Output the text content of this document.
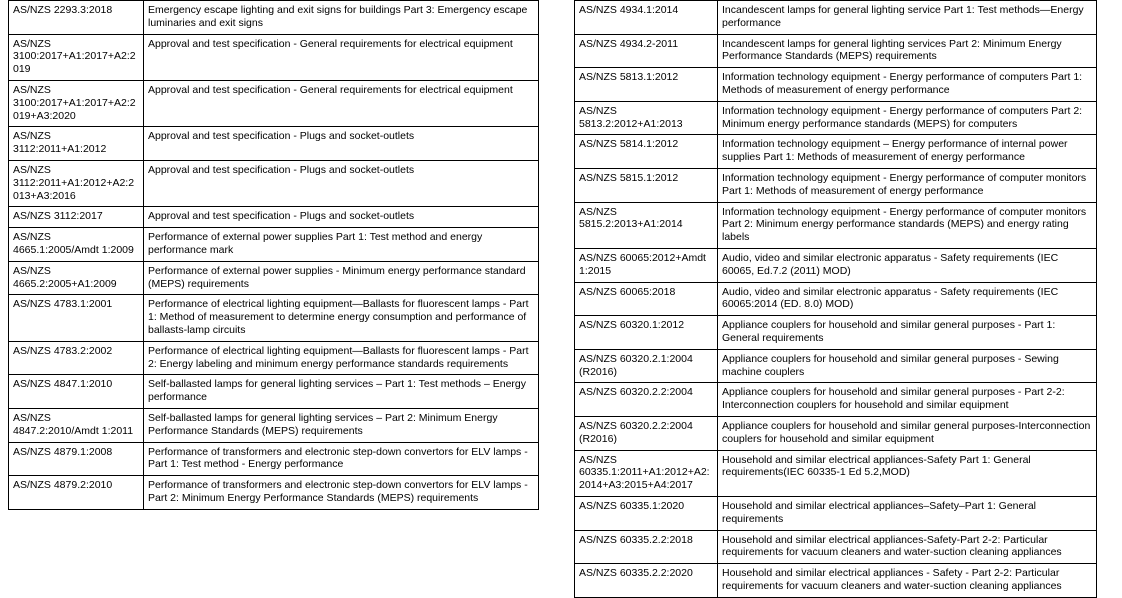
AS/NZS 2293.3:2018	Emergency escape lighting and exit signs for buildings Part 3: Emergency escape luminaries and exit signs
AS/NZS 3100:2017+A1:2017+A2:2019	Approval and test specification - General requirements for electrical equipment
AS/NZS 3100:2017+A1:2017+A2:2019+A3:2020	Approval and test specification - General requirements for electrical equipment
AS/NZS 3112:2011+A1:2012	Approval and test specification - Plugs and socket-outlets
AS/NZS 3112:2011+A1:2012+A2:2013+A3:2016	Approval and test specification - Plugs and socket-outlets
AS/NZS 3112:2017	Approval and test specification - Plugs and socket-outlets
AS/NZS 4665.1:2005/Amdt 1:2009	Performance of external power supplies Part 1: Test method and energy performance mark
AS/NZS 4665.2:2005+A1:2009	Performance of external power supplies - Minimum energy performance standard (MEPS) requirements
AS/NZS 4783.1:2001	Performance of electrical lighting equipment—Ballasts for fluorescent lamps - Part 1: Method of measurement to determine energy consumption and performance of ballasts-lamp circuits
AS/NZS 4783.2:2002	Performance of electrical lighting equipment—Ballasts for fluorescent lamps - Part 2: Energy labeling and minimum energy performance standards requirements
AS/NZS 4847.1:2010	Self-ballasted lamps for general lighting services – Part 1: Test methods – Energy performance
AS/NZS 4847.2:2010/Amdt 1:2011	Self-ballasted lamps for general lighting services – Part 2: Minimum Energy Performance Standards (MEPS) requirements
AS/NZS 4879.1:2008	Performance of transformers and electronic step-down convertors for ELV lamps - Part 1: Test method - Energy performance
AS/NZS 4879.2:2010	Performance of transformers and electronic step-down convertors for ELV lamps - Part 2: Minimum Energy Performance Standards (MEPS) requirements
AS/NZS 4934.1:2014	Incandescent lamps for general lighting service Part 1: Test methods—Energy performance
AS/NZS 4934.2-2011	Incandescent lamps for general lighting services Part 2: Minimum Energy Performance Standards (MEPS) requirements
AS/NZS 5813.1:2012	Information technology equipment - Energy performance of computers Part 1: Methods of measurement of energy performance
AS/NZS 5813.2:2012+A1:2013	Information technology equipment - Energy performance of computers Part 2: Minimum energy performance standards (MEPS) for computers
AS/NZS 5814.1:2012	Information technology equipment – Energy performance of internal power supplies Part 1: Methods of measurement of energy performance
AS/NZS 5815.1:2012	Information technology equipment - Energy performance of computer monitors Part 1: Methods of measurement of energy performance
AS/NZS 5815.2:2013+A1:2014	Information technology equipment - Energy performance of computer monitors Part 2: Minimum energy performance standards (MEPS) and energy rating labels
AS/NZS 60065:2012+Amdt 1:2015	Audio, video and similar electronic apparatus - Safety requirements (IEC 60065, Ed.7.2 (2011) MOD)
AS/NZS 60065:2018	Audio, video and similar electronic apparatus - Safety requirements (IEC 60065:2014 (ED. 8.0) MOD)
AS/NZS 60320.1:2012	Appliance couplers for household and similar general purposes - Part 1: General requirements
AS/NZS 60320.2.1:2004 (R2016)	Appliance couplers for household and similar general purposes - Sewing machine couplers
AS/NZS 60320.2.2:2004	Appliance couplers for household and similar general purposes - Part 2-2: Interconnection couplers for household and similar equipment
AS/NZS 60320.2.2:2004 (R2016)	Appliance couplers for household and similar general purposes-Interconnection couplers for household and similar equipment
AS/NZS 60335.1:2011+A1:2012+A2:2014+A3:2015+A4:2017	Household and similar electrical appliances-Safety Part 1: General requirements(IEC 60335-1 Ed 5.2,MOD)
AS/NZS 60335.1:2020	Household and similar electrical appliances–Safety–Part 1: General requirements
AS/NZS 60335.2.2:2018	Household and similar electrical appliances-Safety-Part 2-2: Particular requirements for vacuum cleaners and water-suction cleaning appliances
AS/NZS 60335.2.2:2020	Household and similar electrical appliances - Safety - Part 2-2: Particular requirements for vacuum cleaners and water-suction cleaning appliances
